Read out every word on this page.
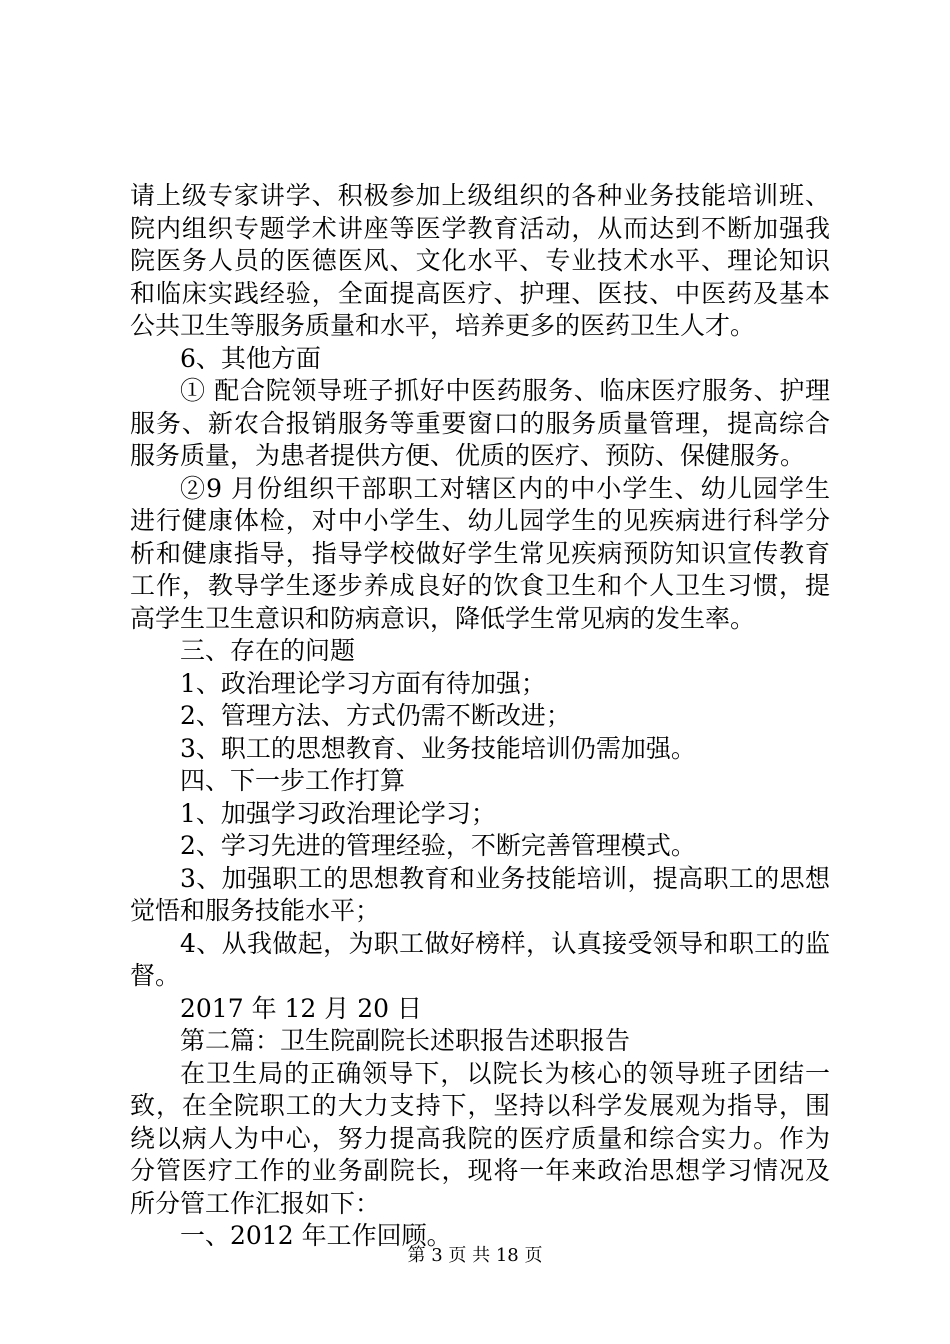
请上级专家讲学、积极参加上级组织的各种业务技能培训班、
院内组织专题学术讲座等医学教育活动，从而达到不断加强我
院医务人员的医德医风、文化水平、专业技术水平、理论知识
和临床实践经验，全面提高医疗、护理、医技、中医药及基本
公共卫生等服务质量和水平，培养更多的医药卫生人才。
6、其他方面
① 配合院领导班子抓好中医药服务、临床医疗服务、护理
服务、新农合报销服务等重要窗口的服务质量管理，提高综合
服务质量，为患者提供方便、优质的医疗、预防、保健服务。
②9 月份组织干部职工对辖区内的中小学生、幼儿园学生
进行健康体检，对中小学生、幼儿园学生的见疾病进行科学分
析和健康指导，指导学校做好学生常见疾病预防知识宣传教育
工作，教导学生逐步养成良好的饮食卫生和个人卫生习惯，提
高学生卫生意识和防病意识，降低学生常见病的发生率。
三、存在的问题
1、政治理论学习方面有待加强；
2、管理方法、方式仍需不断改进；
3、职工的思想教育、业务技能培训仍需加强。
四、下一步工作打算
1、加强学习政治理论学习；
2、学习先进的管理经验，不断完善管理模式。
3、加强职工的思想教育和业务技能培训，提高职工的思想
觉悟和服务技能水平；
4、从我做起，为职工做好榜样，认真接受领导和职工的监
督。
2017 年 12 月 20 日
第二篇：卫生院副院长述职报告述职报告
在卫生局的正确领导下，以院长为核心的领导班子团结一
致，在全院职工的大力支持下，坚持以科学发展观为指导，围
绕以病人为中心，努力提高我院的医疗质量和综合实力。作为
分管医疗工作的业务副院长，现将一年来政治思想学习情况及
所分管工作汇报如下：
一、2012 年工作回顾。
第 3 页 共 18 页
